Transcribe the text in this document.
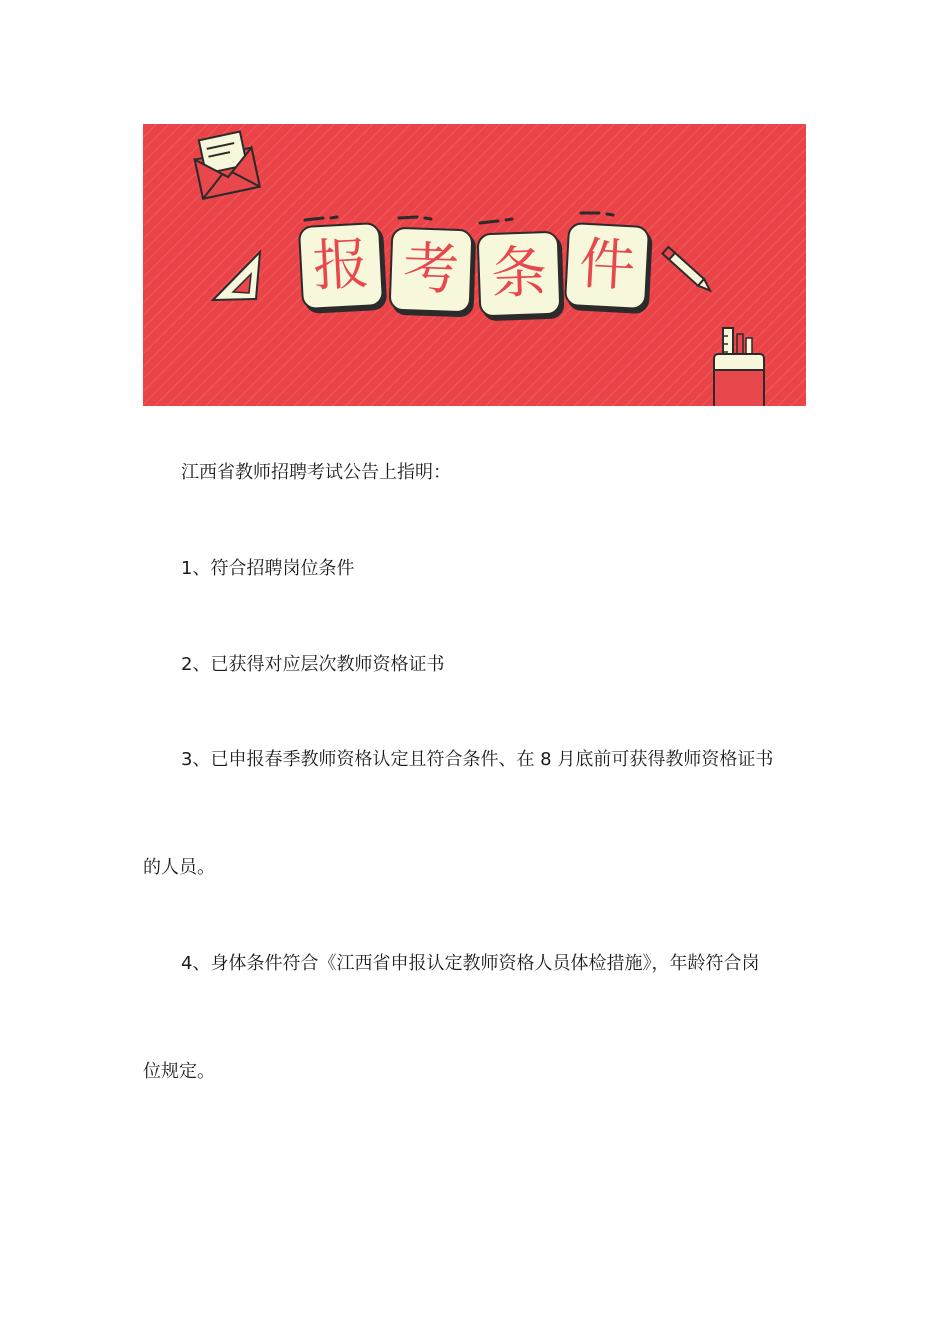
报 考 条 件
江西省教师招聘考试公告上指明：
1、符合招聘岗位条件
2、已获得对应层次教师资格证书
3、已申报春季教师资格认定且符合条件、在 8 月底前可获得教师资格证书
的人员。
4、身体条件符合《江西省申报认定教师资格人员体检措施》，年龄符合岗
位规定。
